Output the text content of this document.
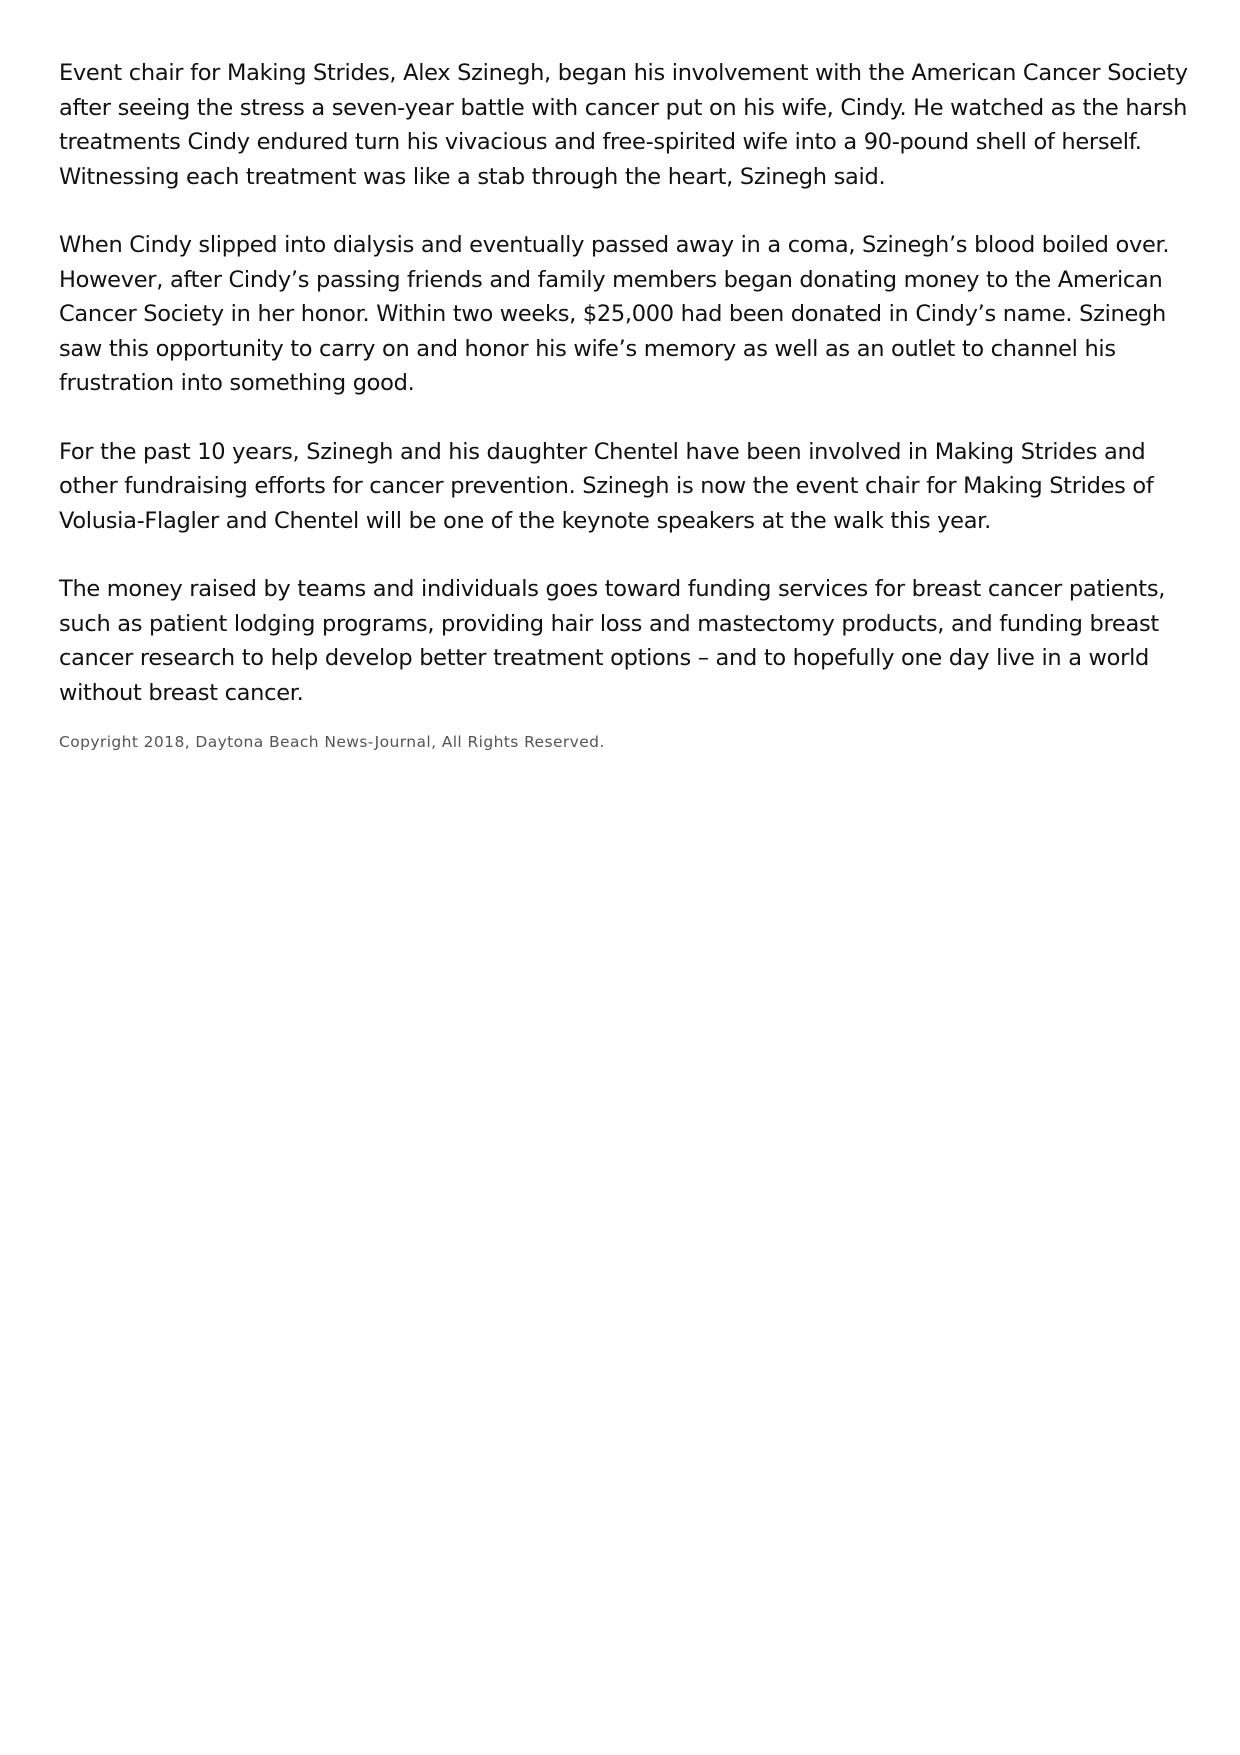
Event chair for Making Strides, Alex Szinegh, began his involvement with the American Cancer Society after seeing the stress a seven-year battle with cancer put on his wife, Cindy. He watched as the harsh treatments Cindy endured turn his vivacious and free-spirited wife into a 90-pound shell of herself. Witnessing each treatment was like a stab through the heart, Szinegh said.

When Cindy slipped into dialysis and eventually passed away in a coma, Szinegh’s blood boiled over. However, after Cindy’s passing friends and family members began donating money to the American Cancer Society in her honor. Within two weeks, $25,000 had been donated in Cindy’s name. Szinegh saw this opportunity to carry on and honor his wife’s memory as well as an outlet to channel his frustration into something good.

For the past 10 years, Szinegh and his daughter Chentel have been involved in Making Strides and other fundraising efforts for cancer prevention. Szinegh is now the event chair for Making Strides of Volusia-Flagler and Chentel will be one of the keynote speakers at the walk this year.

The money raised by teams and individuals goes toward funding services for breast cancer patients, such as patient lodging programs, providing hair loss and mastectomy products, and funding breast cancer research to help develop better treatment options – and to hopefully one day live in a world without breast cancer.

Copyright 2018, Daytona Beach News-Journal, All Rights Reserved.
